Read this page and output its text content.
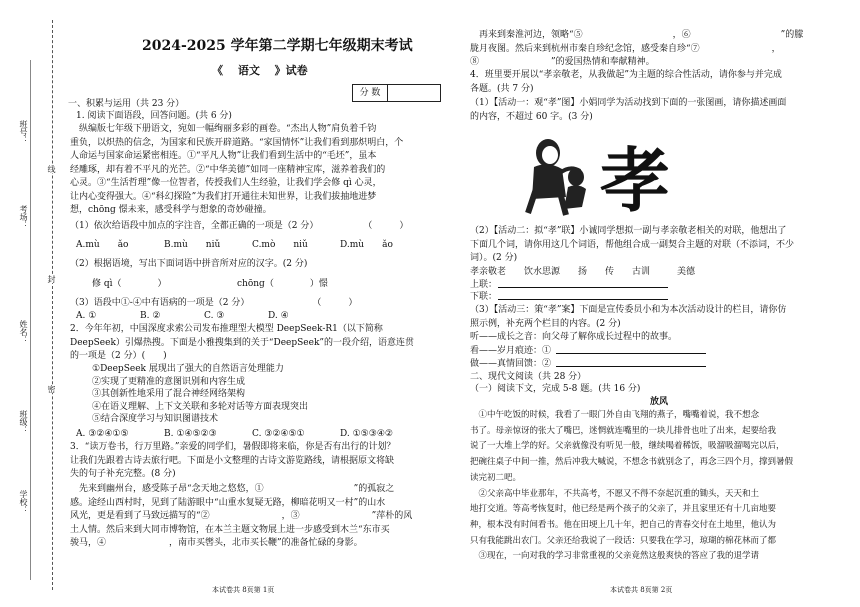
班号：
考场：
姓名：
班级：
学校：
线
封
密
2024-2025 学年第二学期七年级期末考试
《　 语文 　》试卷
分 数
一、积累与运用（共 23 分）
1. 阅读下面语段，回答问题。(共 6 分)
　纵编版七年级下册语文，宛如一幅绚丽多彩的画卷。“杰出人物”肩负着千钧
重负，以炽热的信念，为国家和民族开辟道路。“家国情怀”让我们看到那炽明白，个
人命运与国家命运紧密相连。①“平凡人物”让我们看到生活中的“毛坯”，虽本
经雕琢，却有着不平凡的光芒。②“中华美德”如同一座精神宝库，滋养着我们的
心灵。③“生活哲理”像一位智者，传授我们人生经验，让我们学会修 qì 心灵，
让内心变得强大。④“科幻探险”为我们打开通往未知世界，让我们拔抽地进梦
想，chōng 憬未来，感受科学与想象的奇妙碰撞。
（1）依次给语段中加点的字注音，全都正确的一项是（2 分）　　　　　　（　　　）
A.mù　　ǎo	B.mù　　niǔ	C.mò　　niǔ	D.mù　　ǎo
（2）根据语境，写出下面词语中拼音所对应的汉字。(2 分)
修 qì（　　　　）	chōng（　　　　）憬
（3）语段中①-④中有语病的一项是（2 分）　　　　　　　　（　　　）
A. ①	B. ②	C. ③	D. ④
2．今年年初，中国深度求索公司发布推理型大模型 DeepSeek-R1（以下简称
DeepSeek）引爆热搜。下面是小雅搜集到的关于“DeepSeek”的一段介绍，语意连贯
的一项是（2 分）(　　)
①DeepSeek 展现出了强大的自然语言处理能力
②实现了更精准的意图识别和内容生成
③其创新性地采用了混合神经网络架构
④在语义理解、上下文关联和多轮对话等方面表现突出
⑤结合深度学习与知识图谱技术
A. ③②④①⑤	B. ①④⑤②③	C. ③②④⑤①	D. ①⑤③④②
3．“读万卷书，行万里路。”亲爱的同学们，暑假即将来临，你是否有出行的计划？
让我们先跟着古诗去旅行吧。下面是小文整理的古诗文游览路线，请根据原文将缺
失的句子补充完整。(8 分)
　先来到幽州台，感受陈子昂“念天地之悠悠，①　　　　　　　　　　”的孤寂之
感。途经山西村时，见到了陆游眼中“山重水复疑无路，柳暗花明又一村”的山水
风光，更是看到了马致远描写的“②　　　　　　　　，③　　　　　　　　”萍朴的风
土人情。然后来到大同市博物馆，在本兰主题文物展上进一步感受到木兰“东市买
骏马，④　　　　　　　，南市买辔头，北市买长鞭”的准备忙碌的身影。
本试卷共 8页第 1页
　再来到秦淮河边，领略“⑤　　　　　　　　　　，⑥　　　　　　　　　　”的朦
胧月夜图。然后来到杭州市秦自珍纪念馆，感受秦自珍“⑦　　　　　　　　，
⑧　　　　　　　　”的爱国热情和奉献精神。
4．班里要开展以“孝亲敬老，从我做起”为主题的综合性活动，请你参与并完成
各题。(共 7 分)
（1）【活动一：观“孝”图】小娟同学为活动找到下面的一张图画，请你描述画面
的内容，不超过 60 字。(3 分)
孝
（2）【活动二：拟“孝”联】小诚同学想拟一副与孝亲敬老相关的对联，他想出了
下面几个词，请你用这几个词语，帮他组合成一副契合主题的对联（不添词，不少
词）。(2 分)
孝亲敬老　　饮水思源　　扬　　传　　古训　　　美德
上联：
下联：
（3）【活动三：策“孝”案】下面是宣传委员小和为本次活动设计的栏目，请你仿
照示例，补充两个栏目的内容。(2 分)
听——成长之音：向父母了解你成长过程中的故事。
看——岁月痕迹：①
做——真情回馈：②
二、现代文阅读（共 28 分）
（一）阅读下文，完成 5-8 题。(共 16 分)
放风
　①中午吃饭的时候，我看了一眼门外自由飞翔的燕子，嘴嘴着说，我不想念
书了。母亲惊讶的张大了嘴巴，迷惘就连嘴里的一块儿排骨也吐了出来，起要给我
说了一大堆上学的好。父亲就像没有听见一般，继续喝着稀饭，吸溜吸溜喝完以后，
把碗往桌子中间一推，然后冲我大喊说，不想念书就别念了，再念三四个月，撑到暑假
读完初二吧。
　②父亲高中毕业那年，不共高考，不愿又不得不奈起沉重的锄头，天天和土
地打交道。等高考恢复时，他已经是两个孩子的父亲了，并且家里还有十几亩地要
种，根本没有时间看书。他在田埂上几十年，把自己的青春交付在土地里，他认为
只有我能跳出农门。父亲还给我说了一段话：只要我在学习，琼瑚的棉花林而了都
　③现在，一向对我的学习非常重视的父亲竟然这般爽快的答应了我的退学请
本试卷共 8页第 2页
